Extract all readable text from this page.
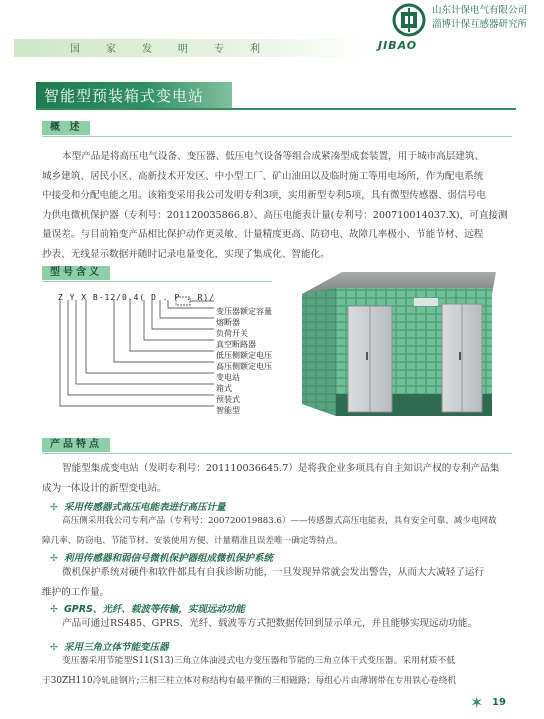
国家发明专利	JIBAO
山东计保电气有限公司
淄博计保互感器研究所
智能型预装箱式变电站
概 述

本型产品是将高压电气设备、变压器、低压电气设备等组合成紧凑型成套装置，用于城市高层建筑、

城乡建筑、居民小区、高新技术开发区、中小型工厂、矿山油田以及临时施工等用电场所，作为配电系统

中接受和分配电能之用。该箱变采用我公司发明专利3项，实用新型专利5项，具有微型传感器、弱信号电

力供电微机保护器（专利号：201120035866.8）、高压电能表计量(专利号：200710014037.X)，可直接测

量误差。与目前箱变产品相比保护动作更灵敏、计量精度更高、防窃电、故障几率极小、节能节材、远程

抄表、无线显示数据并随时记录电量变化，实现了集成化、智能化。

型号含义
Z Y X B-12/0.4( D . P . R)/
变压器额定容量
熔断器
负荷开关
真空断路器
低压侧额定电压
高压侧额定电压
变电站
箱式
预装式
智能型
产品特点

智能型集成变电站（发明专利号：201110036645.7）是将我企业多项具有自主知识产权的专利产品集

成为一体设计的新型变电站。

✢ 采用传感器式高压电能表进行高压计量

高压侧采用我公司专利产品（专利号：200720019883.6）——传感器式高压电能表，具有安全可靠、减少电网故

障几率、防窃电、节能节材、安装使用方便、计量精准且误差唯一确定等特点。

✢ 利用传感器和弱信号微机保护器组成微机保护系统

微机保护系统对硬件和软件都具有自我诊断功能，一旦发现异常就会发出警告，从而大大减轻了运行

维护的工作量。

✢ GPRS、光纤、载波等传输，实现远动功能

产品可通过RS485、GPRS、光纤、载波等方式把数据传回到显示单元，并且能够实现远动功能。

✢ 采用三角立体节能变压器

变压器采用节能型S11(S13)三角立体油浸式电力变压器和节能的三角立体干式变压器。采用材质不低

于30ZH110冷轧硅钢片;三相三柱立体对称结构有最平衡的三相磁路；每组心片由薄钢带在专用铁心卷绕机

✶ 19
